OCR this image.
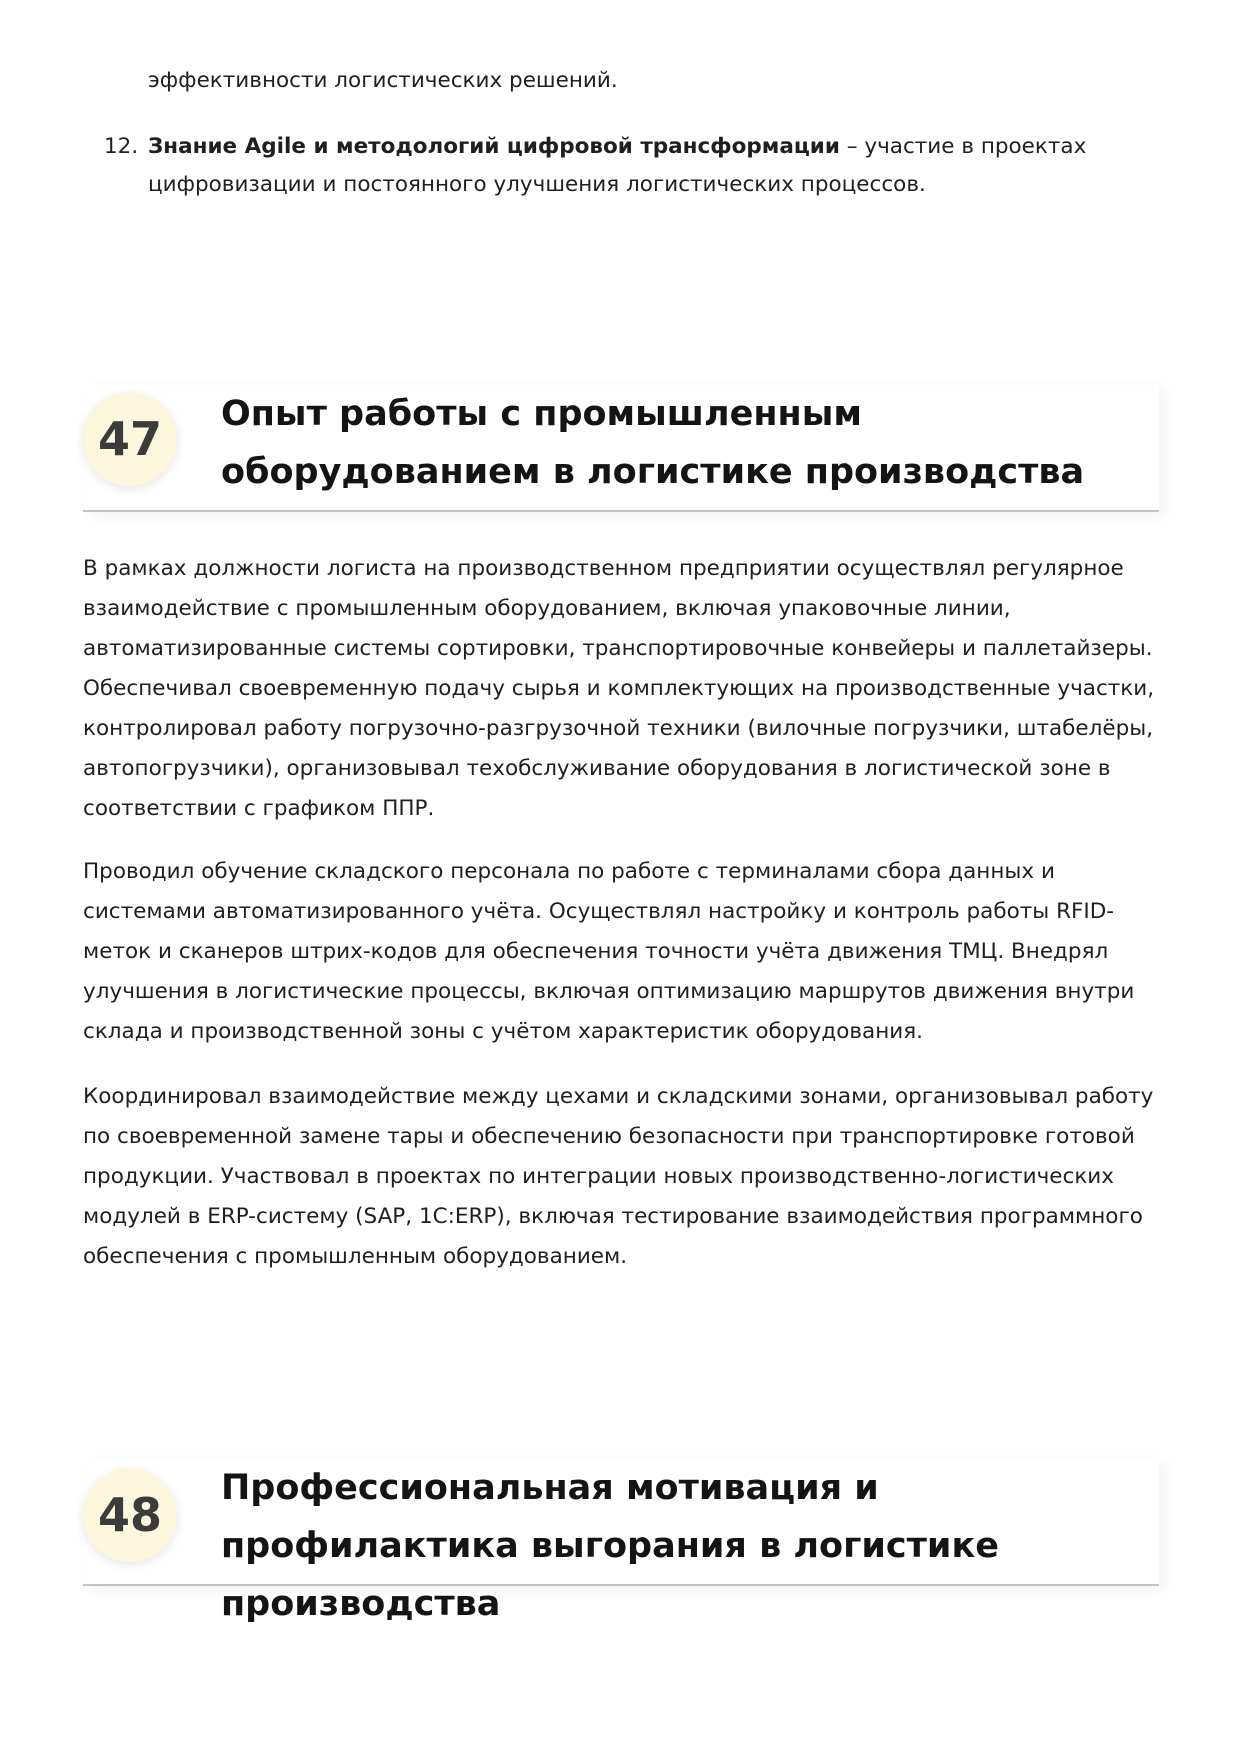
эффективности логистических решений.

12. Знание Agile и методологий цифровой трансформации – участие в проектах цифровизации и постоянного улучшения логистических процессов.
47	Опыт работы с промышленным оборудованием в логистике производства

В рамках должности логиста на производственном предприятии осуществлял регулярное взаимодействие с промышленным оборудованием, включая упаковочные линии, автоматизированные системы сортировки, транспортировочные конвейеры и паллетайзеры. Обеспечивал своевременную подачу сырья и комплектующих на производственные участки, контролировал работу погрузочно-разгрузочной техники (вилочные погрузчики, штабелёры, автопогрузчики), организовывал техобслуживание оборудования в логистической зоне в соответствии с графиком ППР.

Проводил обучение складского персонала по работе с терминалами сбора данных и системами автоматизированного учёта. Осуществлял настройку и контроль работы RFID-меток и сканеров штрих-кодов для обеспечения точности учёта движения ТМЦ. Внедрял улучшения в логистические процессы, включая оптимизацию маршрутов движения внутри склада и производственной зоны с учётом характеристик оборудования.

Координировал взаимодействие между цехами и складскими зонами, организовывал работу по своевременной замене тары и обеспечению безопасности при транспортировке готовой продукции. Участвовал в проектах по интеграции новых производственно-логистических модулей в ERP-систему (SAP, 1С:ERP), включая тестирование взаимодействия программного обеспечения с промышленным оборудованием.

48	Профессиональная мотивация и профилактика выгорания в логистике производства
